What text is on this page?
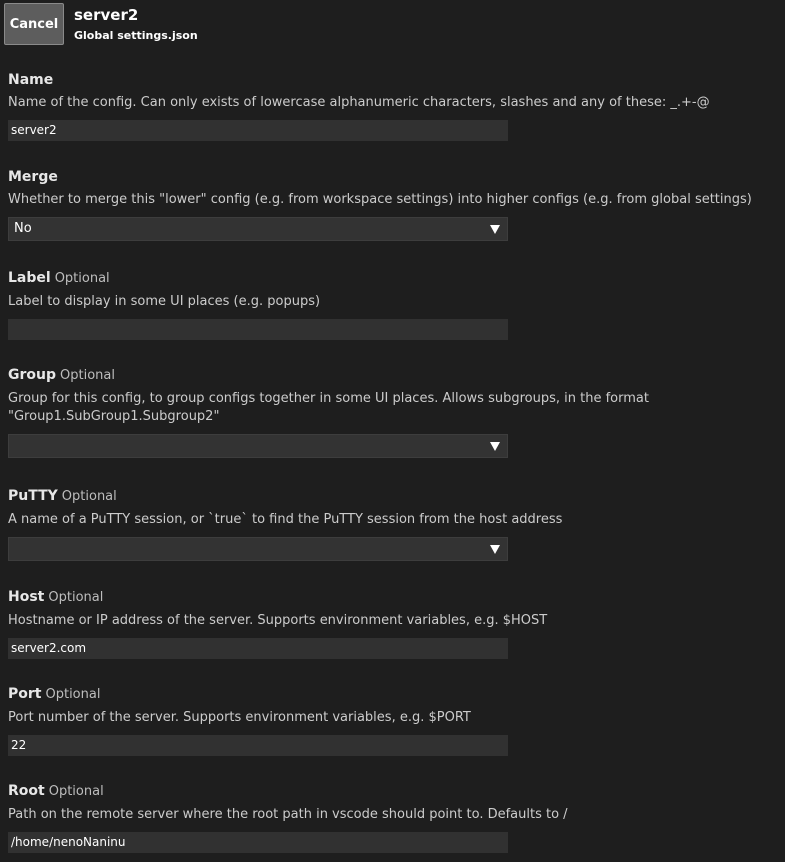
Cancel	server2
Global settings.json
Name
Name of the config. Can only exists of lowercase alphanumeric characters, slashes and any of these: _.+-@
server2
Merge
Whether to merge this "lower" config (e.g. from workspace settings) into higher configs (e.g. from global settings)
No
Label Optional
Label to display in some UI places (e.g. popups)
Group Optional
Group for this config, to group configs together in some UI places. Allows subgroups, in the format
"Group1.SubGroup1.Subgroup2"
PuTTY Optional
A name of a PuTTY session, or `true` to find the PuTTY session from the host address
Host Optional
Hostname or IP address of the server. Supports environment variables, e.g. $HOST
server2.com
Port Optional
Port number of the server. Supports environment variables, e.g. $PORT
22
Root Optional
Path on the remote server where the root path in vscode should point to. Defaults to /
/home/nenoNaninu
